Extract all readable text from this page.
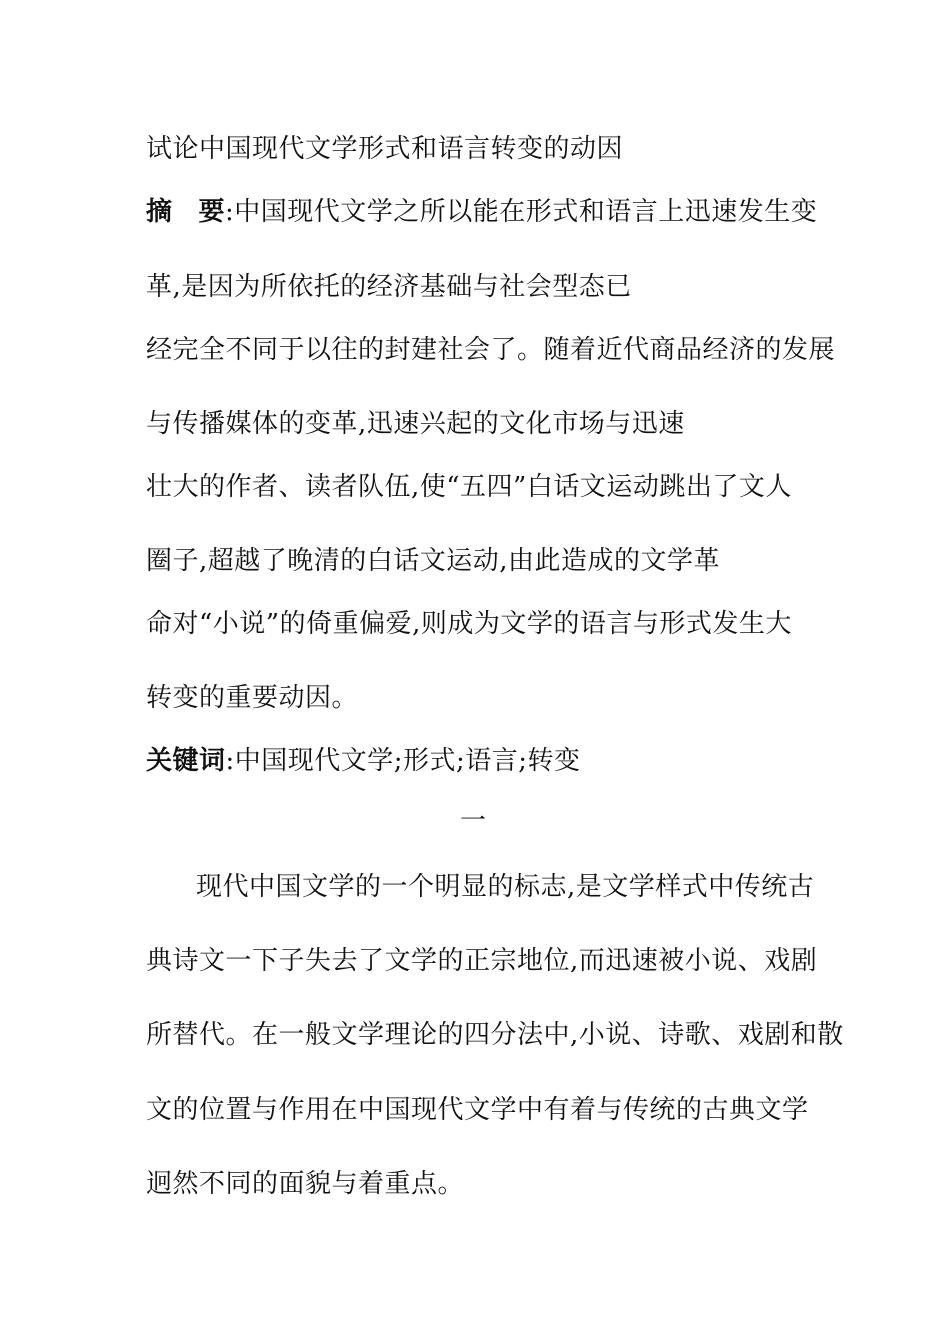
试论中国现代文学形式和语言转变的动因
摘 要:中国现代文学之所以能在形式和语言上迅速发生变
革,是因为所依托的经济基础与社会型态已
经完全不同于以往的封建社会了。随着近代商品经济的发展
与传播媒体的变革,迅速兴起的文化市场与迅速
壮大的作者、读者队伍,使“五四”白话文运动跳出了文人
圈子,超越了晚清的白话文运动,由此造成的文学革
命对“小说”的倚重偏爱,则成为文学的语言与形式发生大
转变的重要动因。
关键词:中国现代文学;形式;语言;转变
一
现代中国文学的一个明显的标志,是文学样式中传统古
典诗文一下子失去了文学的正宗地位,而迅速被小说、戏剧
所替代。在一般文学理论的四分法中,小说、诗歌、戏剧和散
文的位置与作用在中国现代文学中有着与传统的古典文学
迥然不同的面貌与着重点。
